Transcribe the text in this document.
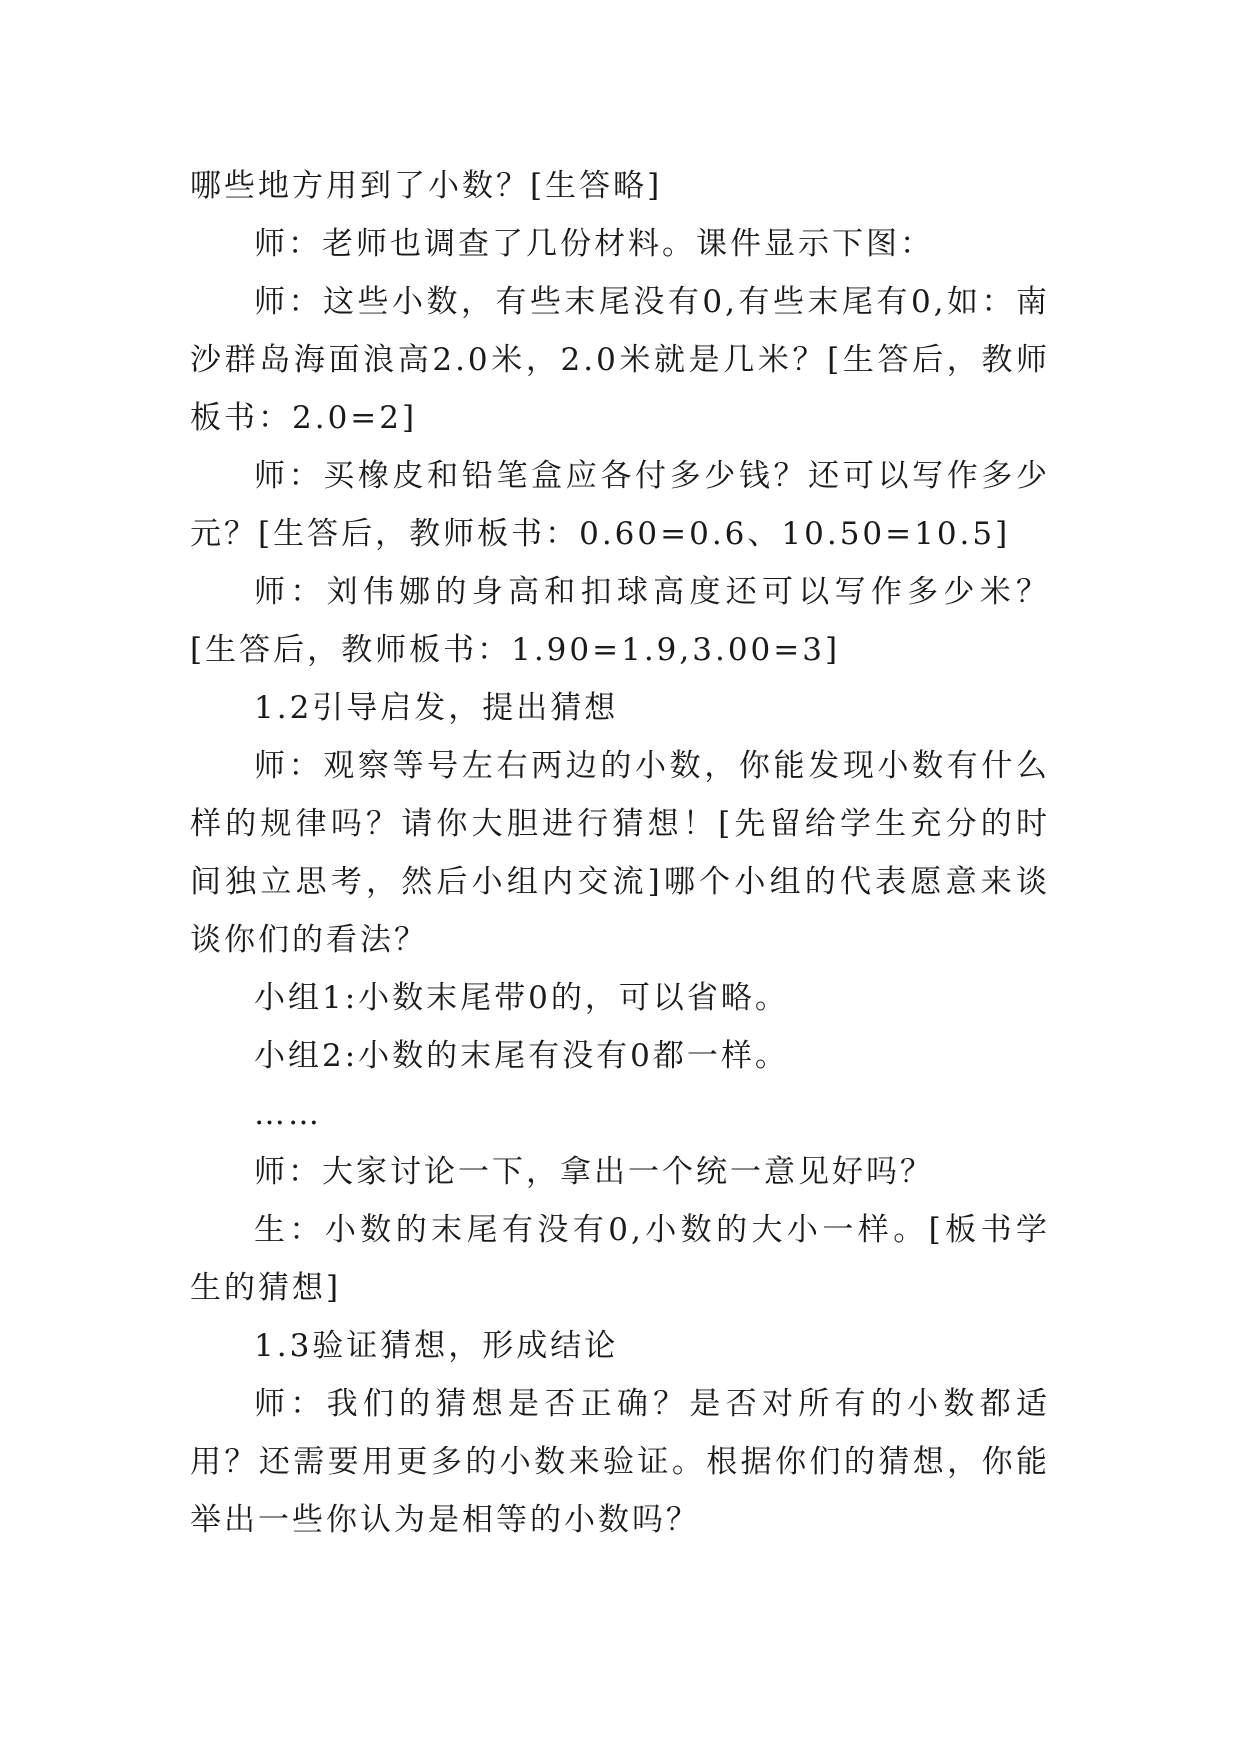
哪些地方用到了小数？[生答略]

师：老师也调查了几份材料。课件显示下图：

师：这些小数，有些末尾没有0,有些末尾有0,如：南沙群岛海面浪高2.0米，2.0米就是几米？[生答后，教师板书：2.0=2]

师：买橡皮和铅笔盒应各付多少钱？还可以写作多少元？[生答后，教师板书：0.60=0.6、10.50=10.5]

师：刘伟娜的身高和扣球高度还可以写作多少米？[生答后，教师板书：1.90=1.9,3.00=3]

1.2引导启发，提出猜想

师：观察等号左右两边的小数，你能发现小数有什么样的规律吗？请你大胆进行猜想！[先留给学生充分的时间独立思考，然后小组内交流]哪个小组的代表愿意来谈谈你们的看法？

小组1:小数末尾带0的，可以省略。

小组2:小数的末尾有没有0都一样。

……

师：大家讨论一下，拿出一个统一意见好吗？

生：小数的末尾有没有0,小数的大小一样。[板书学生的猜想]

1.3验证猜想，形成结论

师：我们的猜想是否正确？是否对所有的小数都适用？还需要用更多的小数来验证。根据你们的猜想，你能举出一些你认为是相等的小数吗？
